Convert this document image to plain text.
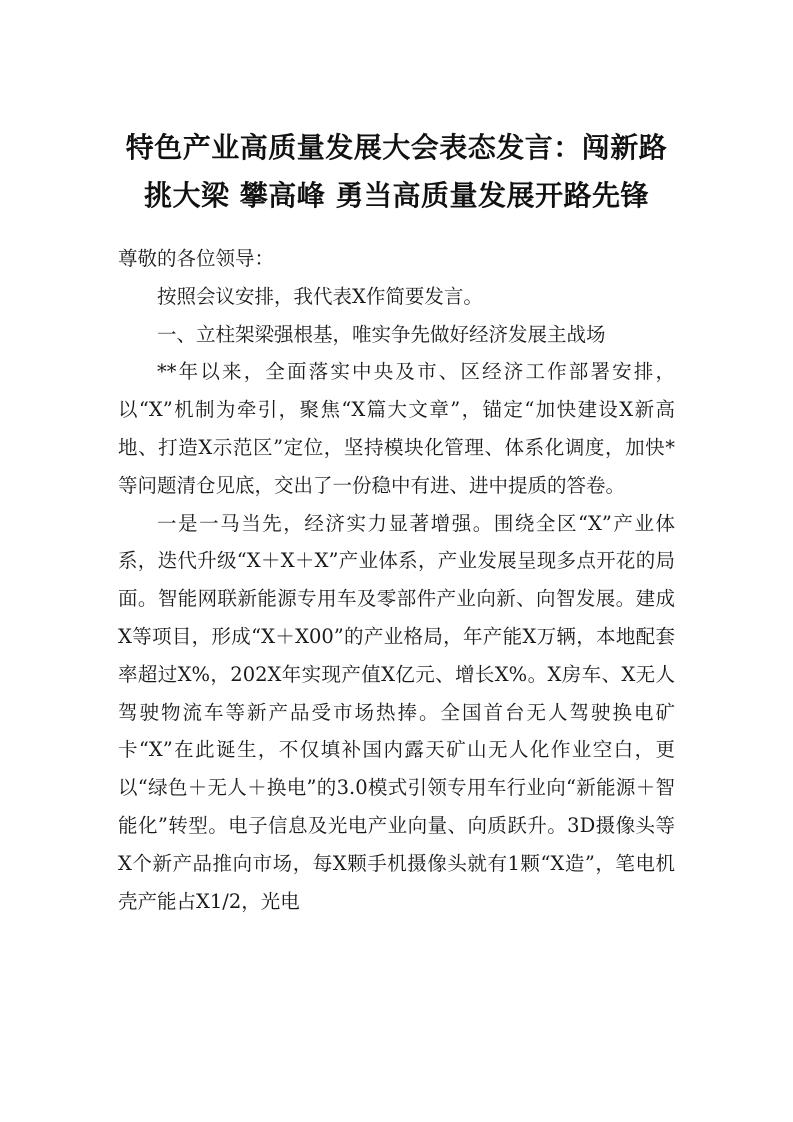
特色产业高质量发展大会表态发言：闯新路
挑大梁 攀高峰 勇当高质量发展开路先锋

尊敬的各位领导：

按照会议安排，我代表X作简要发言。

一、立柱架梁强根基，唯实争先做好经济发展主战场

**年以来，全面落实中央及市、区经济工作部署安排，以“X”机制为牵引，聚焦“X篇大文章”，锚定“加快建设X新高地、打造X示范区”定位，坚持模块化管理、体系化调度，加快*等问题清仓见底，交出了一份稳中有进、进中提质的答卷。

一是一马当先，经济实力显著增强。围绕全区“X”产业体系，迭代升级“X＋X＋X”产业体系，产业发展呈现多点开花的局面。智能网联新能源专用车及零部件产业向新、向智发展。建成X等项目，形成“X＋X00”的产业格局，年产能X万辆，本地配套率超过X%，202X年实现产值X亿元、增长X%。X房车、X无人驾驶物流车等新产品受市场热捧。全国首台无人驾驶换电矿卡“X”在此诞生，不仅填补国内露天矿山无人化作业空白，更以“绿色＋无人＋换电”的3.0模式引领专用车行业向“新能源＋智能化”转型。电子信息及光电产业向量、向质跃升。3D摄像头等X个新产品推向市场，每X颗手机摄像头就有1颗“X造”，笔电机壳产能占X1/2，光电
